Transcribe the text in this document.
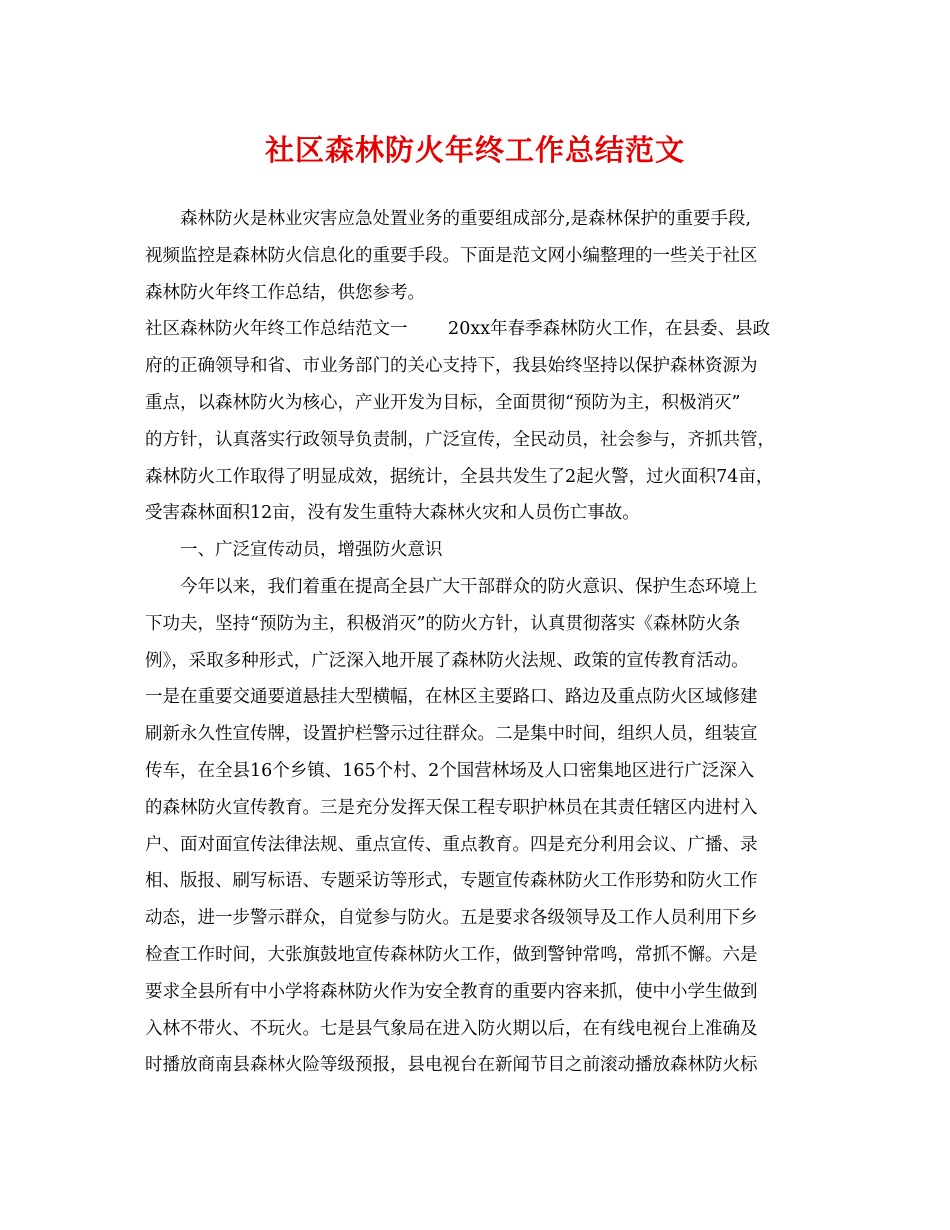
社区森林防火年终工作总结范文
　　森林防火是林业灾害应急处置业务的重要组成部分,是森林保护的重要手段,
视频监控是森林防火信息化的重要手段。下面是范文网小编整理的一些关于社区
森林防火年终工作总结，供您参考。
社区森林防火年终工作总结范文一　　 20xx年春季森林防火工作，在县委、县政
府的正确领导和省、市业务部门的关心支持下，我县始终坚持以保护森林资源为
重点，以森林防火为核心，产业开发为目标，全面贯彻“预防为主，积极消灭”
的方针，认真落实行政领导负责制，广泛宣传，全民动员，社会参与，齐抓共管，
森林防火工作取得了明显成效，据统计，全县共发生了2起火警，过火面积74亩，
受害森林面积12亩，没有发生重特大森林火灾和人员伤亡事故。
　　一、广泛宣传动员，增强防火意识
　　今年以来，我们着重在提高全县广大干部群众的防火意识、保护生态环境上
下功夫，坚持“预防为主，积极消灭”的防火方针，认真贯彻落实《森林防火条
例》，采取多种形式，广泛深入地开展了森林防火法规、政策的宣传教育活动。
一是在重要交通要道悬挂大型横幅，在林区主要路口、路边及重点防火区域修建
刷新永久性宣传牌，设置护栏警示过往群众。二是集中时间，组织人员，组装宣
传车，在全县16个乡镇、165个村、2个国营林场及人口密集地区进行广泛深入
的森林防火宣传教育。三是充分发挥天保工程专职护林员在其责任辖区内进村入
户、面对面宣传法律法规、重点宣传、重点教育。四是充分利用会议、广播、录
相、版报、刷写标语、专题采访等形式，专题宣传森林防火工作形势和防火工作
动态，进一步警示群众，自觉参与防火。五是要求各级领导及工作人员利用下乡
检查工作时间，大张旗鼓地宣传森林防火工作，做到警钟常鸣，常抓不懈。六是
要求全县所有中小学将森林防火作为安全教育的重要内容来抓，使中小学生做到
入林不带火、不玩火。七是县气象局在进入防火期以后，在有线电视台上准确及
时播放商南县森林火险等级预报，县电视台在新闻节目之前滚动播放森林防火标
